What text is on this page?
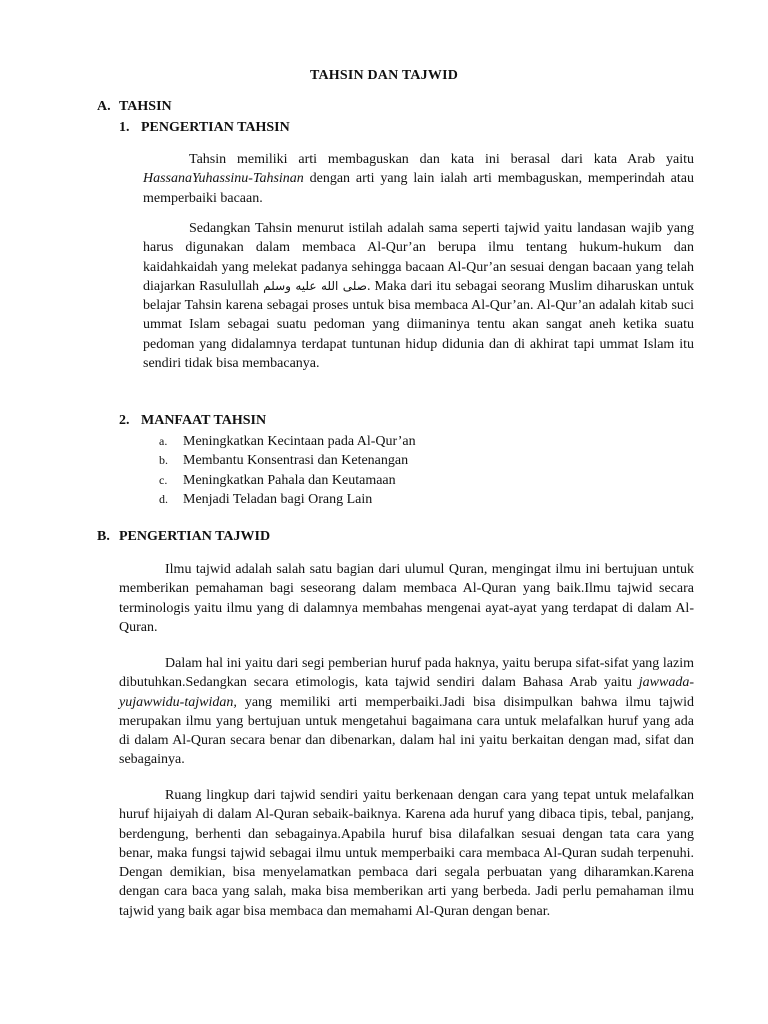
TAHSIN DAN TAJWID
A. TAHSIN
1. PENGERTIAN TAHSIN

Tahsin memiliki arti membaguskan dan kata ini berasal dari kata Arab yaitu HassanaYuhassinu-Tahsinan dengan arti yang lain ialah arti membaguskan, memperindah atau memperbaiki bacaan.

Sedangkan Tahsin menurut istilah adalah sama seperti tajwid yaitu landasan wajib yang harus digunakan dalam membaca Al-Qur’an berupa ilmu tentang hukum-hukum dan kaidahkaidah yang melekat padanya sehingga bacaan Al-Qur’an sesuai dengan bacaan yang telah diajarkan Rasulullah صلى الله عليه وسلم. Maka dari itu sebagai seorang Muslim diharuskan untuk belajar Tahsin karena sebagai proses untuk bisa membaca Al-Qur’an. Al-Qur’an adalah kitab suci ummat Islam sebagai suatu pedoman yang diimaninya tentu akan sangat aneh ketika suatu pedoman yang didalamnya terdapat tuntunan hidup didunia dan di akhirat tapi ummat Islam itu sendiri tidak bisa membacanya.

2. MANFAAT TAHSIN
a. Meningkatkan Kecintaan pada Al-Qur’an
b. Membantu Konsentrasi dan Ketenangan
c. Meningkatkan Pahala dan Keutamaan
d. Menjadi Teladan bagi Orang Lain
B. PENGERTIAN TAJWID

Ilmu tajwid adalah salah satu bagian dari ulumul Quran, mengingat ilmu ini bertujuan untuk memberikan pemahaman bagi seseorang dalam membaca Al-Quran yang baik.Ilmu tajwid secara terminologis yaitu ilmu yang di dalamnya membahas mengenai ayat-ayat yang terdapat di dalam Al-Quran.

Dalam hal ini yaitu dari segi pemberian huruf pada haknya, yaitu berupa sifat-sifat yang lazim dibutuhkan.Sedangkan secara etimologis, kata tajwid sendiri dalam Bahasa Arab yaitu jawwada-yujawwidu-tajwidan, yang memiliki arti memperbaiki.Jadi bisa disimpulkan bahwa ilmu tajwid merupakan ilmu yang bertujuan untuk mengetahui bagaimana cara untuk melafalkan huruf yang ada di dalam Al-Quran secara benar dan dibenarkan, dalam hal ini yaitu berkaitan dengan mad, sifat dan sebagainya.

Ruang lingkup dari tajwid sendiri yaitu berkenaan dengan cara yang tepat untuk melafalkan huruf hijaiyah di dalam Al-Quran sebaik-baiknya. Karena ada huruf yang dibaca tipis, tebal, panjang, berdengung, berhenti dan sebagainya.Apabila huruf bisa dilafalkan sesuai dengan tata cara yang benar, maka fungsi tajwid sebagai ilmu untuk memperbaiki cara membaca Al-Quran sudah terpenuhi. Dengan demikian, bisa menyelamatkan pembaca dari segala perbuatan yang diharamkan.Karena dengan cara baca yang salah, maka bisa memberikan arti yang berbeda. Jadi perlu pemahaman ilmu tajwid yang baik agar bisa membaca dan memahami Al-Quran dengan benar.
